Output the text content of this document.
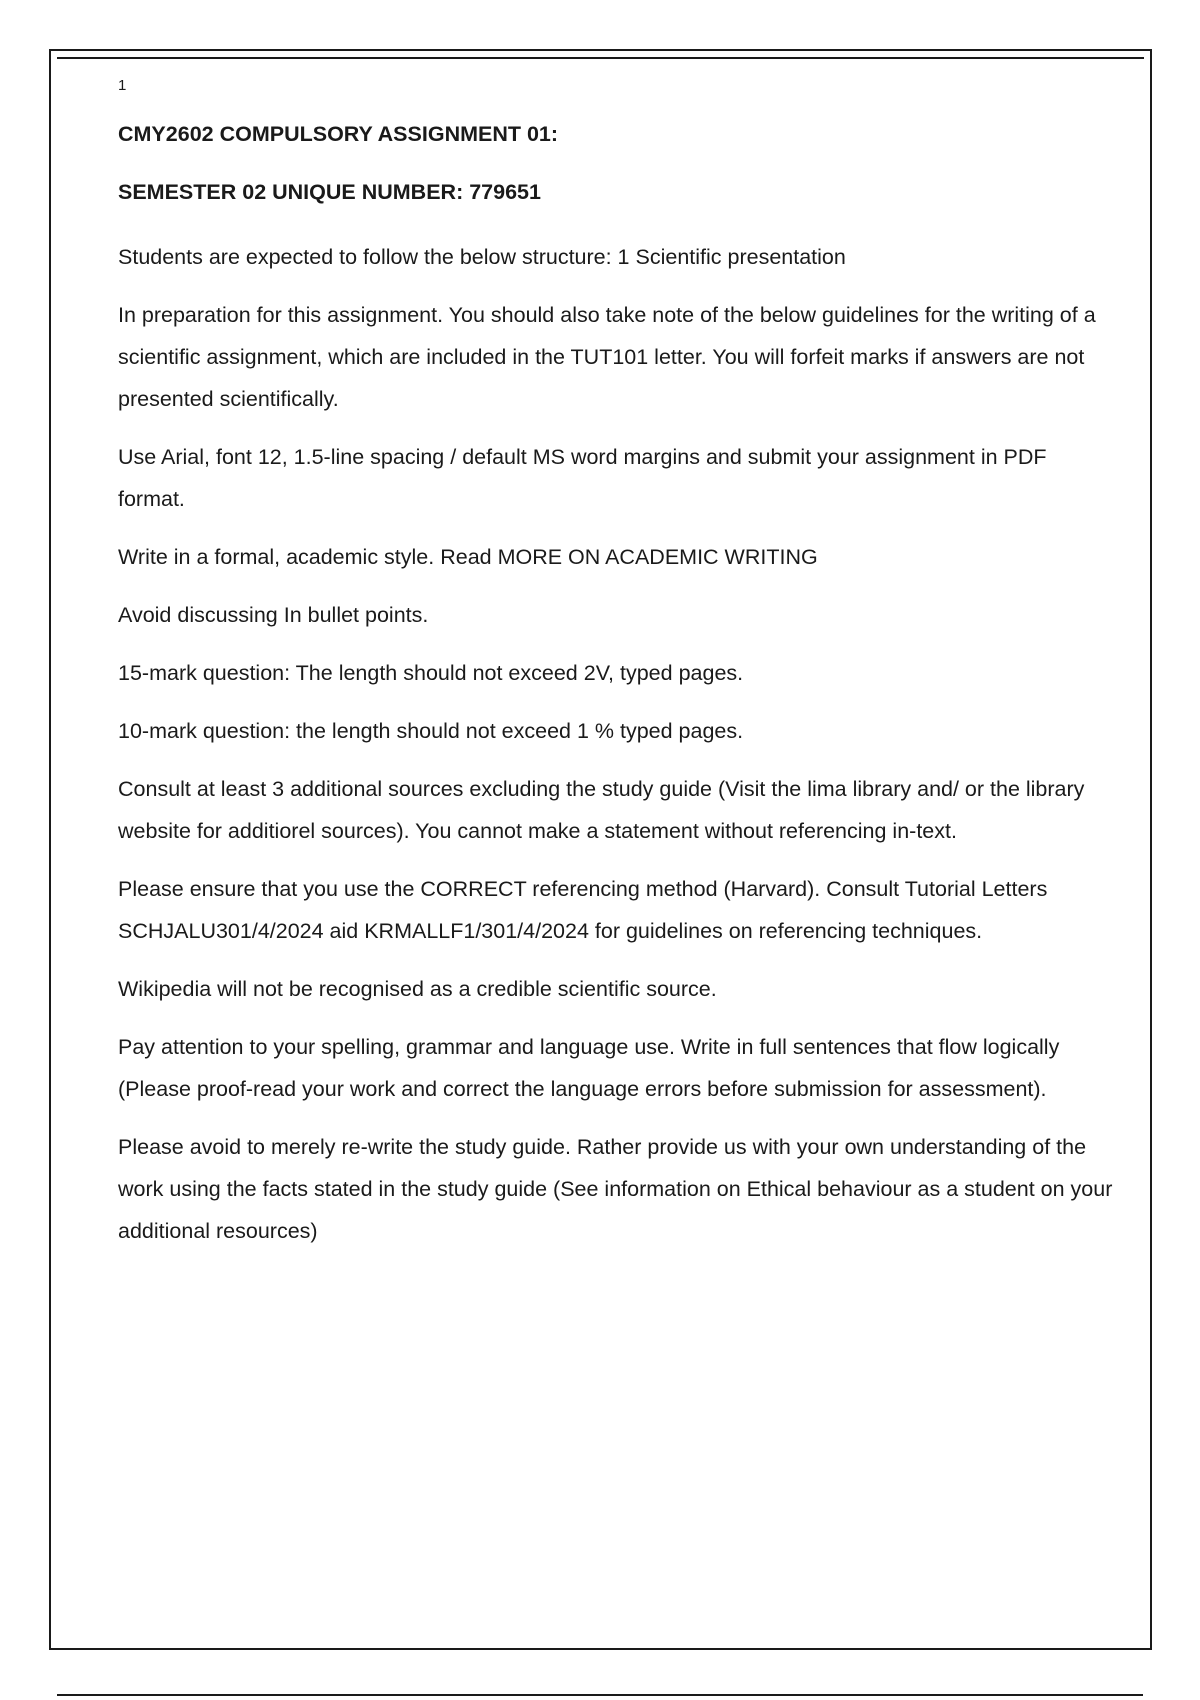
1
CMY2602 COMPULSORY ASSIGNMENT 01:
SEMESTER 02 UNIQUE NUMBER: 779651

Students are expected to follow the below structure: 1 Scientific presentation

In preparation for this assignment. You should also take note of the below guidelines for the writing of a scientific assignment, which are included in the TUT101 letter. You will forfeit marks if answers are not presented scientifically.

Use Arial, font 12, 1.5-line spacing / default MS word margins and submit your assignment in PDF format.

Write in a formal, academic style. Read MORE ON ACADEMIC WRITING

Avoid discussing In bullet points.

15-mark question: The length should not exceed 2V, typed pages.

10-mark question: the length should not exceed 1 % typed pages.

Consult at least 3 additional sources excluding the study guide (Visit the lima library and/ or the library website for additiorel sources). You cannot make a statement without referencing in-text.

Please ensure that you use the CORRECT referencing method (Harvard). Consult Tutorial Letters SCHJALU301/4/2024 aid KRMALLF1/301/4/2024 for guidelines on referencing techniques.

Wikipedia will not be recognised as a credible scientific source.

Pay attention to your spelling, grammar and language use. Write in full sentences that flow logically (Please proof-read your work and correct the language errors before submission for assessment).

Please avoid to merely re-write the study guide. Rather provide us with your own understanding of the work using the facts stated in the study guide (See information on Ethical behaviour as a student on your additional resources)
